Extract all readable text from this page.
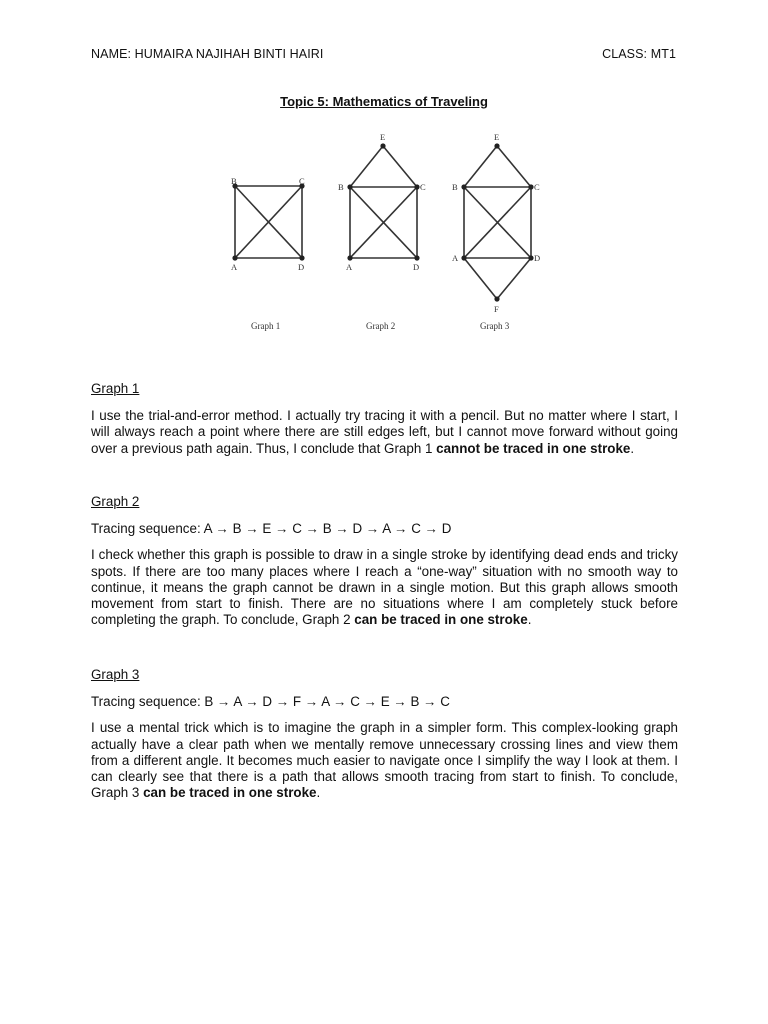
NAME: HUMAIRA NAJIHAH BINTI HAIRI	CLASS: MT1
Topic 5: Mathematics of Traveling
B	C
A	D
B	C
A	D
E
B	C
A	D
E
F
Graph 1	Graph 2	Graph 3
Graph 1

I use the trial-and-error method. I actually try tracing it with a pencil. But no matter where I start, I will always reach a point where there are still edges left, but I cannot move forward without going over a previous path again. Thus, I conclude that Graph 1 cannot be traced in one stroke.

Graph 2

Tracing sequence: A → B → E → C → B → D → A → C → D

I check whether this graph is possible to draw in a single stroke by identifying dead ends and tricky spots. If there are too many places where I reach a “one-way” situation with no smooth way to continue, it means the graph cannot be drawn in a single motion. But this graph allows smooth movement from start to finish. There are no situations where I am completely stuck before completing the graph. To conclude, Graph 2 can be traced in one stroke.

Graph 3

Tracing sequence: B → A → D → F → A → C → E → B → C

I use a mental trick which is to imagine the graph in a simpler form. This complex-looking graph actually have a clear path when we mentally remove unnecessary crossing lines and view them from a different angle. It becomes much easier to navigate once I simplify the way I look at them. I can clearly see that there is a path that allows smooth tracing from start to finish. To conclude, Graph 3 can be traced in one stroke.
